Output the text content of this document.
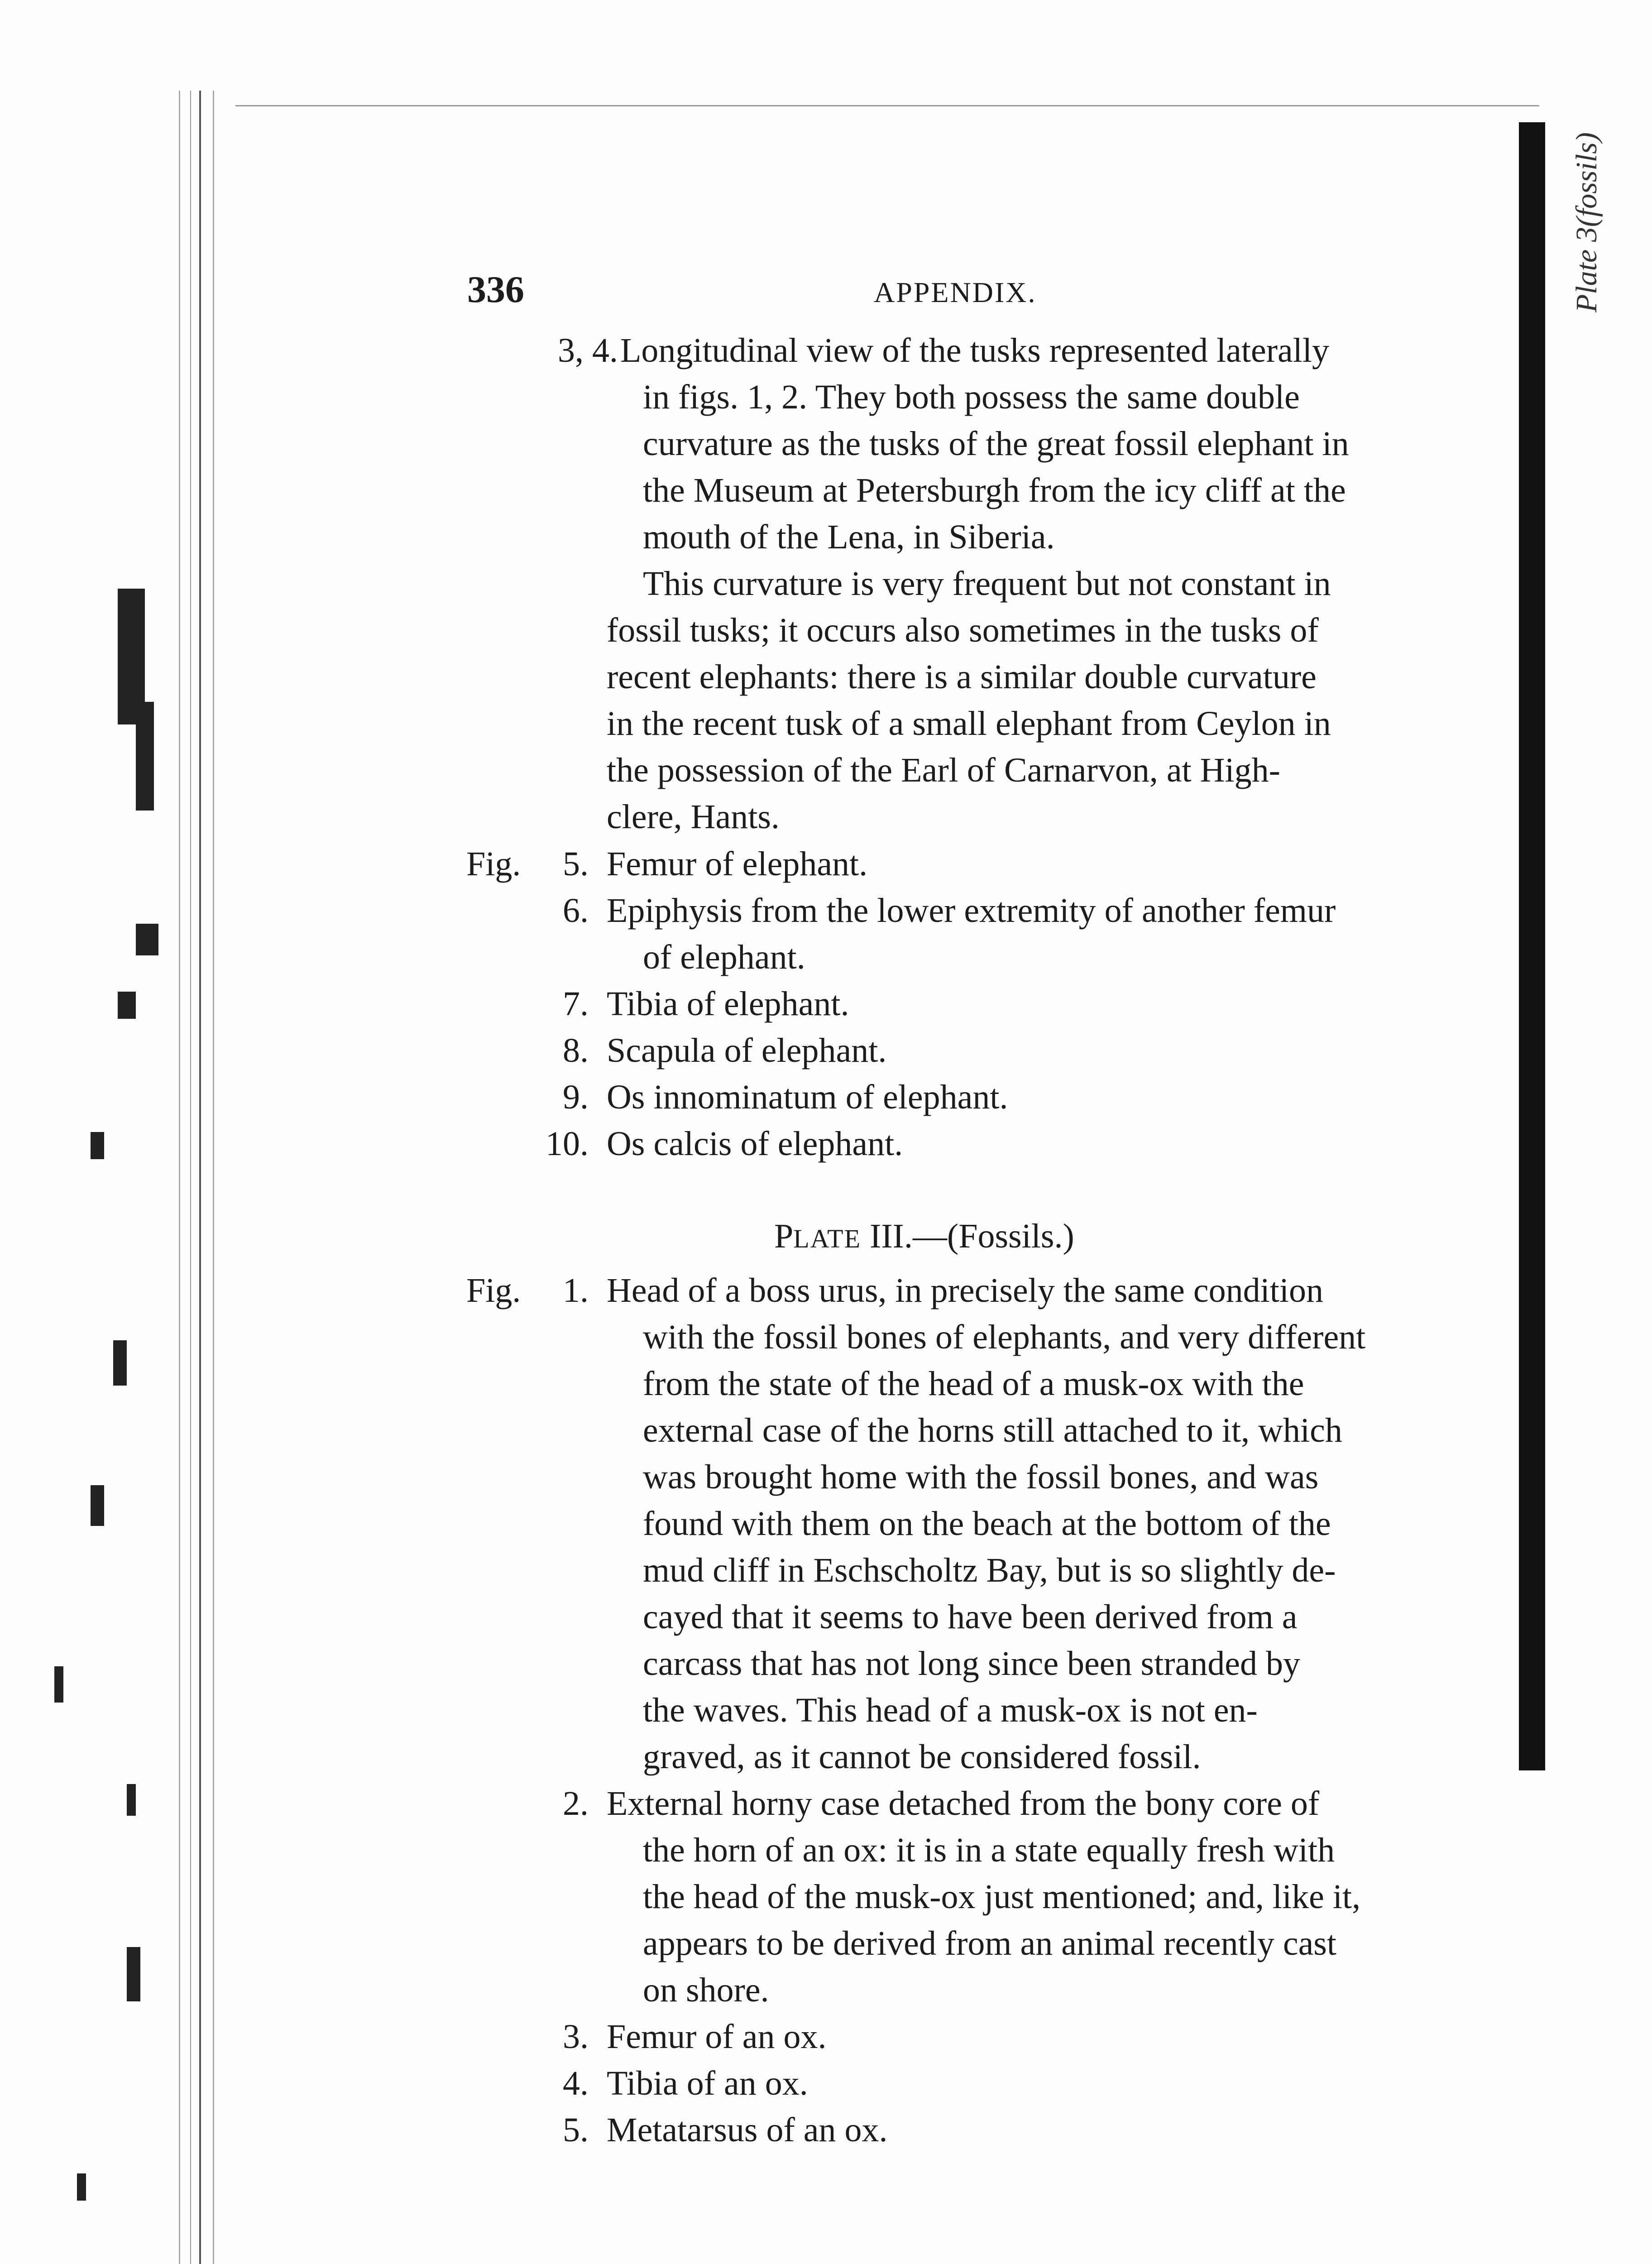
Plate 3(fossils)
336	APPENDIX.
3, 4. Longitudinal view of the tusks represented laterally
in figs. 1, 2. They both possess the same double
curvature as the tusks of the great fossil elephant in
the Museum at Petersburgh from the icy cliff at the
mouth of the Lena, in Siberia.
This curvature is very frequent but not constant in
fossil tusks; it occurs also sometimes in the tusks of
recent elephants: there is a similar double curvature
in the recent tusk of a small elephant from Ceylon in
the possession of the Earl of Carnarvon, at High-
clere, Hants.
Fig.	5. Femur of elephant.
6. Epiphysis from the lower extremity of another femur
of elephant.
7. Tibia of elephant.
8. Scapula of elephant.
9. Os innominatum of elephant.
10. Os calcis of elephant.
PLATE III.—(Fossils.)
Fig.	1. Head of a boss urus, in precisely the same condition
with the fossil bones of elephants, and very different
from the state of the head of a musk-ox with the
external case of the horns still attached to it, which
was brought home with the fossil bones, and was
found with them on the beach at the bottom of the
mud cliff in Eschscholtz Bay, but is so slightly de-
cayed that it seems to have been derived from a
carcass that has not long since been stranded by
the waves. This head of a musk-ox is not en-
graved, as it cannot be considered fossil.
2. External horny case detached from the bony core of
the horn of an ox: it is in a state equally fresh with
the head of the musk-ox just mentioned; and, like it,
appears to be derived from an animal recently cast
on shore.
3. Femur of an ox.
4. Tibia of an ox.
5. Metatarsus of an ox.
